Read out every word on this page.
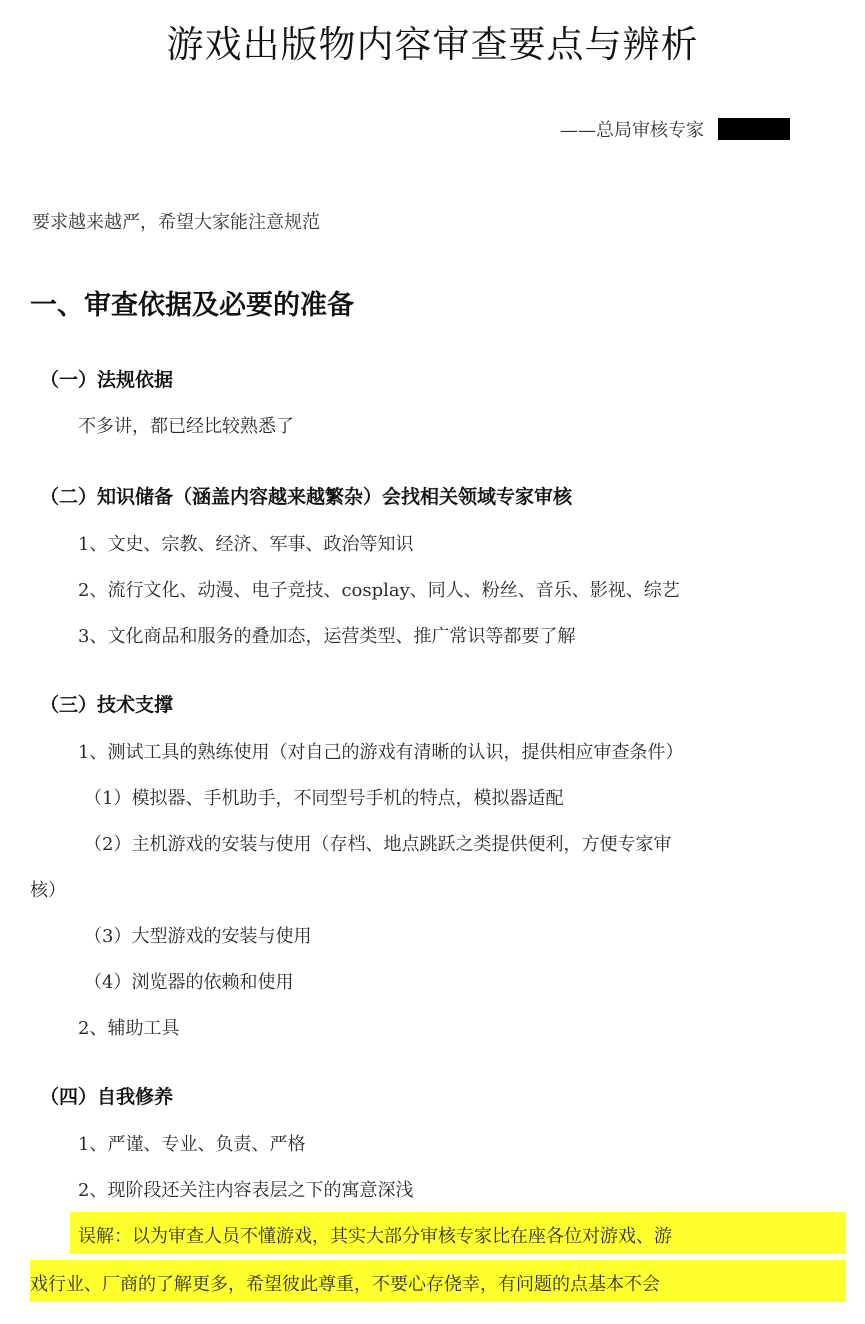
游戏出版物内容审查要点与辨析
——总局审核专家
要求越来越严，希望大家能注意规范
一、审查依据及必要的准备
（一）法规依据
不多讲，都已经比较熟悉了
（二）知识储备（涵盖内容越来越繁杂）会找相关领域专家审核
1、文史、宗教、经济、军事、政治等知识
2、流行文化、动漫、电子竞技、cosplay、同人、粉丝、音乐、影视、综艺
3、文化商品和服务的叠加态，运营类型、推广常识等都要了解
（三）技术支撑
1、测试工具的熟练使用（对自己的游戏有清晰的认识，提供相应审查条件）
（1）模拟器、手机助手，不同型号手机的特点，模拟器适配
（2）主机游戏的安装与使用（存档、地点跳跃之类提供便利，方便专家审
核）
（3）大型游戏的安装与使用
（4）浏览器的依赖和使用
2、辅助工具
（四）自我修养
1、严谨、专业、负责、严格
2、现阶段还关注内容表层之下的寓意深浅
误解：以为审查人员不懂游戏，其实大部分审核专家比在座各位对游戏、游
戏行业、厂商的了解更多，希望彼此尊重，不要心存侥幸，有问题的点基本不会
